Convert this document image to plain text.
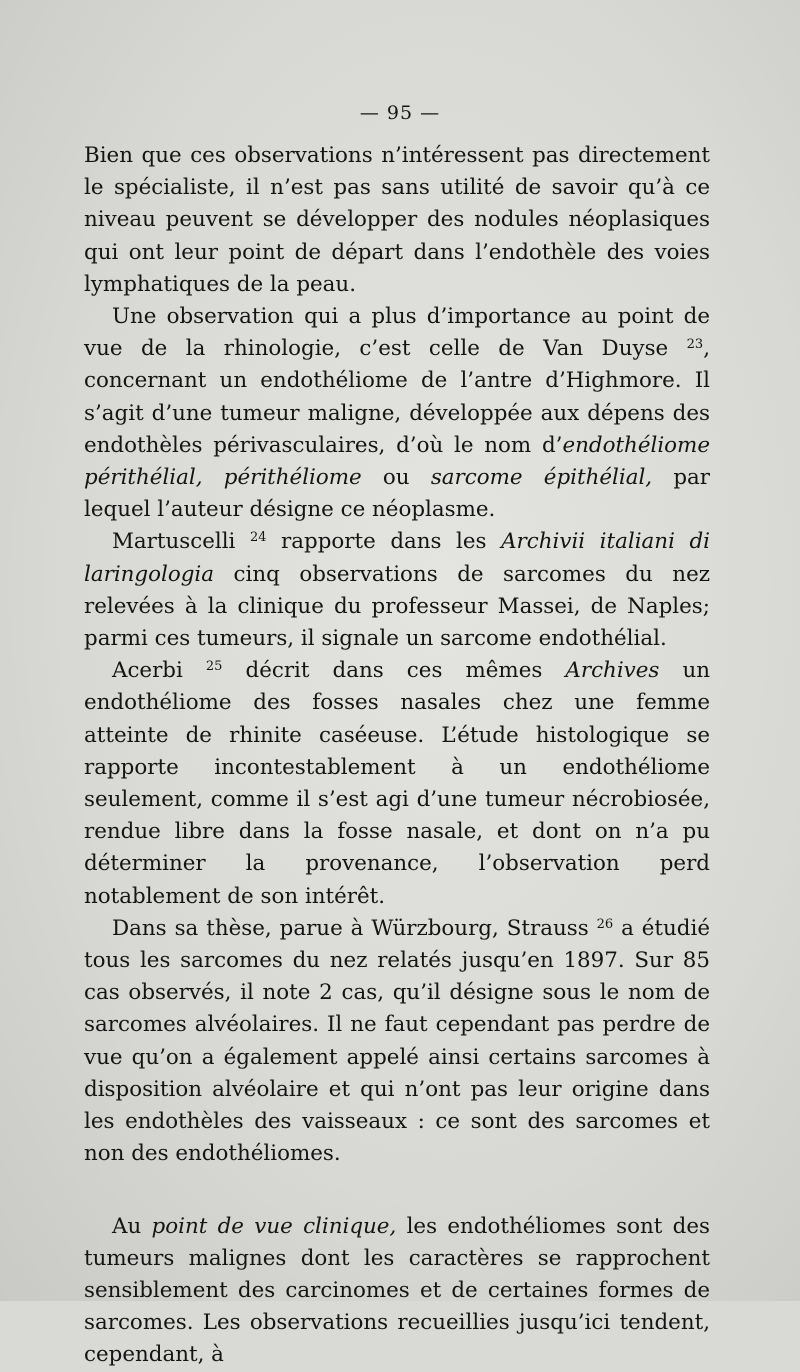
— 95 —

Bien que ces observations n’intéressent pas directement le spécialiste, il n’est pas sans utilité de savoir qu’à ce niveau peuvent se développer des nodules néoplasiques qui ont leur point de départ dans l’endothèle des voies lymphatiques de la peau.

Une observation qui a plus d’importance au point de vue de la rhinologie, c’est celle de Van Duyse $^{23}$, concernant un endothéliome de l’antre d’Highmore. Il s’agit d’une tumeur maligne, développée aux dépens des endothèles périvasculaires, d’où le nom d’endothéliome périthélial, périthéliome ou sarcome épithélial, par lequel l’auteur désigne ce néoplasme.

Martuscelli $^{24}$ rapporte dans les Archivii italiani di laringologia cinq observations de sarcomes du nez relevées à la clinique du professeur Massei, de Naples; parmi ces tumeurs, il signale un sarcome endothélial.

Acerbi $^{25}$ décrit dans ces mêmes Archives un endothéliome des fosses nasales chez une femme atteinte de rhinite caséeuse. L’étude histologique se rapporte incontestablement à un endothéliome seulement, comme il s’est agi d’une tumeur nécrobiosée, rendue libre dans la fosse nasale, et dont on n’a pu déterminer la provenance, l’observation perd notablement de son intérêt.

Dans sa thèse, parue à Würzbourg, Strauss $^{26}$ a étudié tous les sarcomes du nez relatés jusqu’en 1897. Sur 85 cas observés, il note 2 cas, qu’il désigne sous le nom de sarcomes alvéolaires. Il ne faut cependant pas perdre de vue qu’on a également appelé ainsi certains sarcomes à disposition alvéolaire et qui n’ont pas leur origine dans les endothèles des vaisseaux : ce sont des sarcomes et non des endothéliomes.

Au point de vue clinique, les endothéliomes sont des tumeurs malignes dont les caractères se rapprochent sensiblement des carcinomes et de certaines formes de sarcomes. Les observations recueillies jusqu’ici tendent, cependant, à
